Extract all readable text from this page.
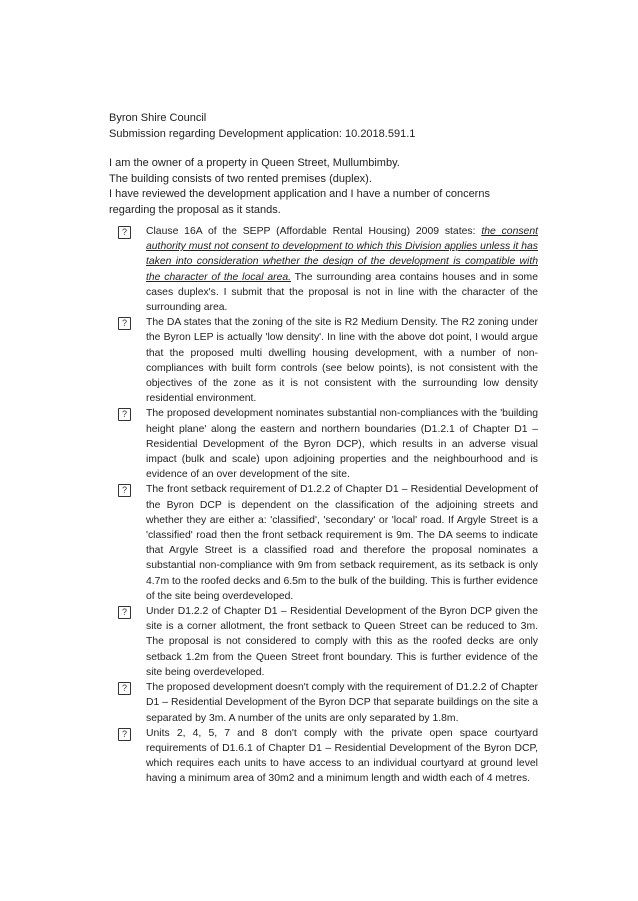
Byron Shire Council
Submission regarding Development application: 10.2018.591.1

I am the owner of a property in Queen Street, Mullumbimby.

The building consists of two rented premises (duplex).

I have reviewed the development application and I have a number of concerns regarding the proposal as it stands.

?	Clause 16A of the SEPP (Affordable Rental Housing) 2009 states: the consent authority must not consent to development to which this Division applies unless it has taken into consideration whether the design of the development is compatible with the character of the local area. The surrounding area contains houses and in some cases duplex's. I submit that the proposal is not in line with the character of the surrounding area.
?	The DA states that the zoning of the site is R2 Medium Density. The R2 zoning under the Byron LEP is actually 'low density'. In line with the above dot point, I would argue that the proposed multi dwelling housing development, with a number of non-compliances with built form controls (see below points), is not consistent with the objectives of the zone as it is not consistent with the surrounding low density residential environment.
?	The proposed development nominates substantial non-compliances with the 'building height plane' along the eastern and northern boundaries (D1.2.1 of Chapter D1 – Residential Development of the Byron DCP), which results in an adverse visual impact (bulk and scale) upon adjoining properties and the neighbourhood and is evidence of an over development of the site.
?	The front setback requirement of D1.2.2 of Chapter D1 – Residential Development of the Byron DCP is dependent on the classification of the adjoining streets and whether they are either a: 'classified', 'secondary' or 'local' road. If Argyle Street is a 'classified' road then the front setback requirement is 9m. The DA seems to indicate that Argyle Street is a classified road and therefore the proposal nominates a substantial non-compliance with 9m from setback requirement, as its setback is only 4.7m to the roofed decks and 6.5m to the bulk of the building. This is further evidence of the site being overdeveloped.
?	Under D1.2.2 of Chapter D1 – Residential Development of the Byron DCP given the site is a corner allotment, the front setback to Queen Street can be reduced to 3m. The proposal is not considered to comply with this as the roofed decks are only setback 1.2m from the Queen Street front boundary. This is further evidence of the site being overdeveloped.
?	The proposed development doesn't comply with the requirement of D1.2.2 of Chapter D1 – Residential Development of the Byron DCP that separate buildings on the site a separated by 3m. A number of the units are only separated by 1.8m.
?	Units 2, 4, 5, 7 and 8 don't comply with the private open space courtyard requirements of D1.6.1 of Chapter D1 – Residential Development of the Byron DCP, which requires each units to have access to an individual courtyard at ground level having a minimum area of 30m2 and a minimum length and width each of 4 metres.
